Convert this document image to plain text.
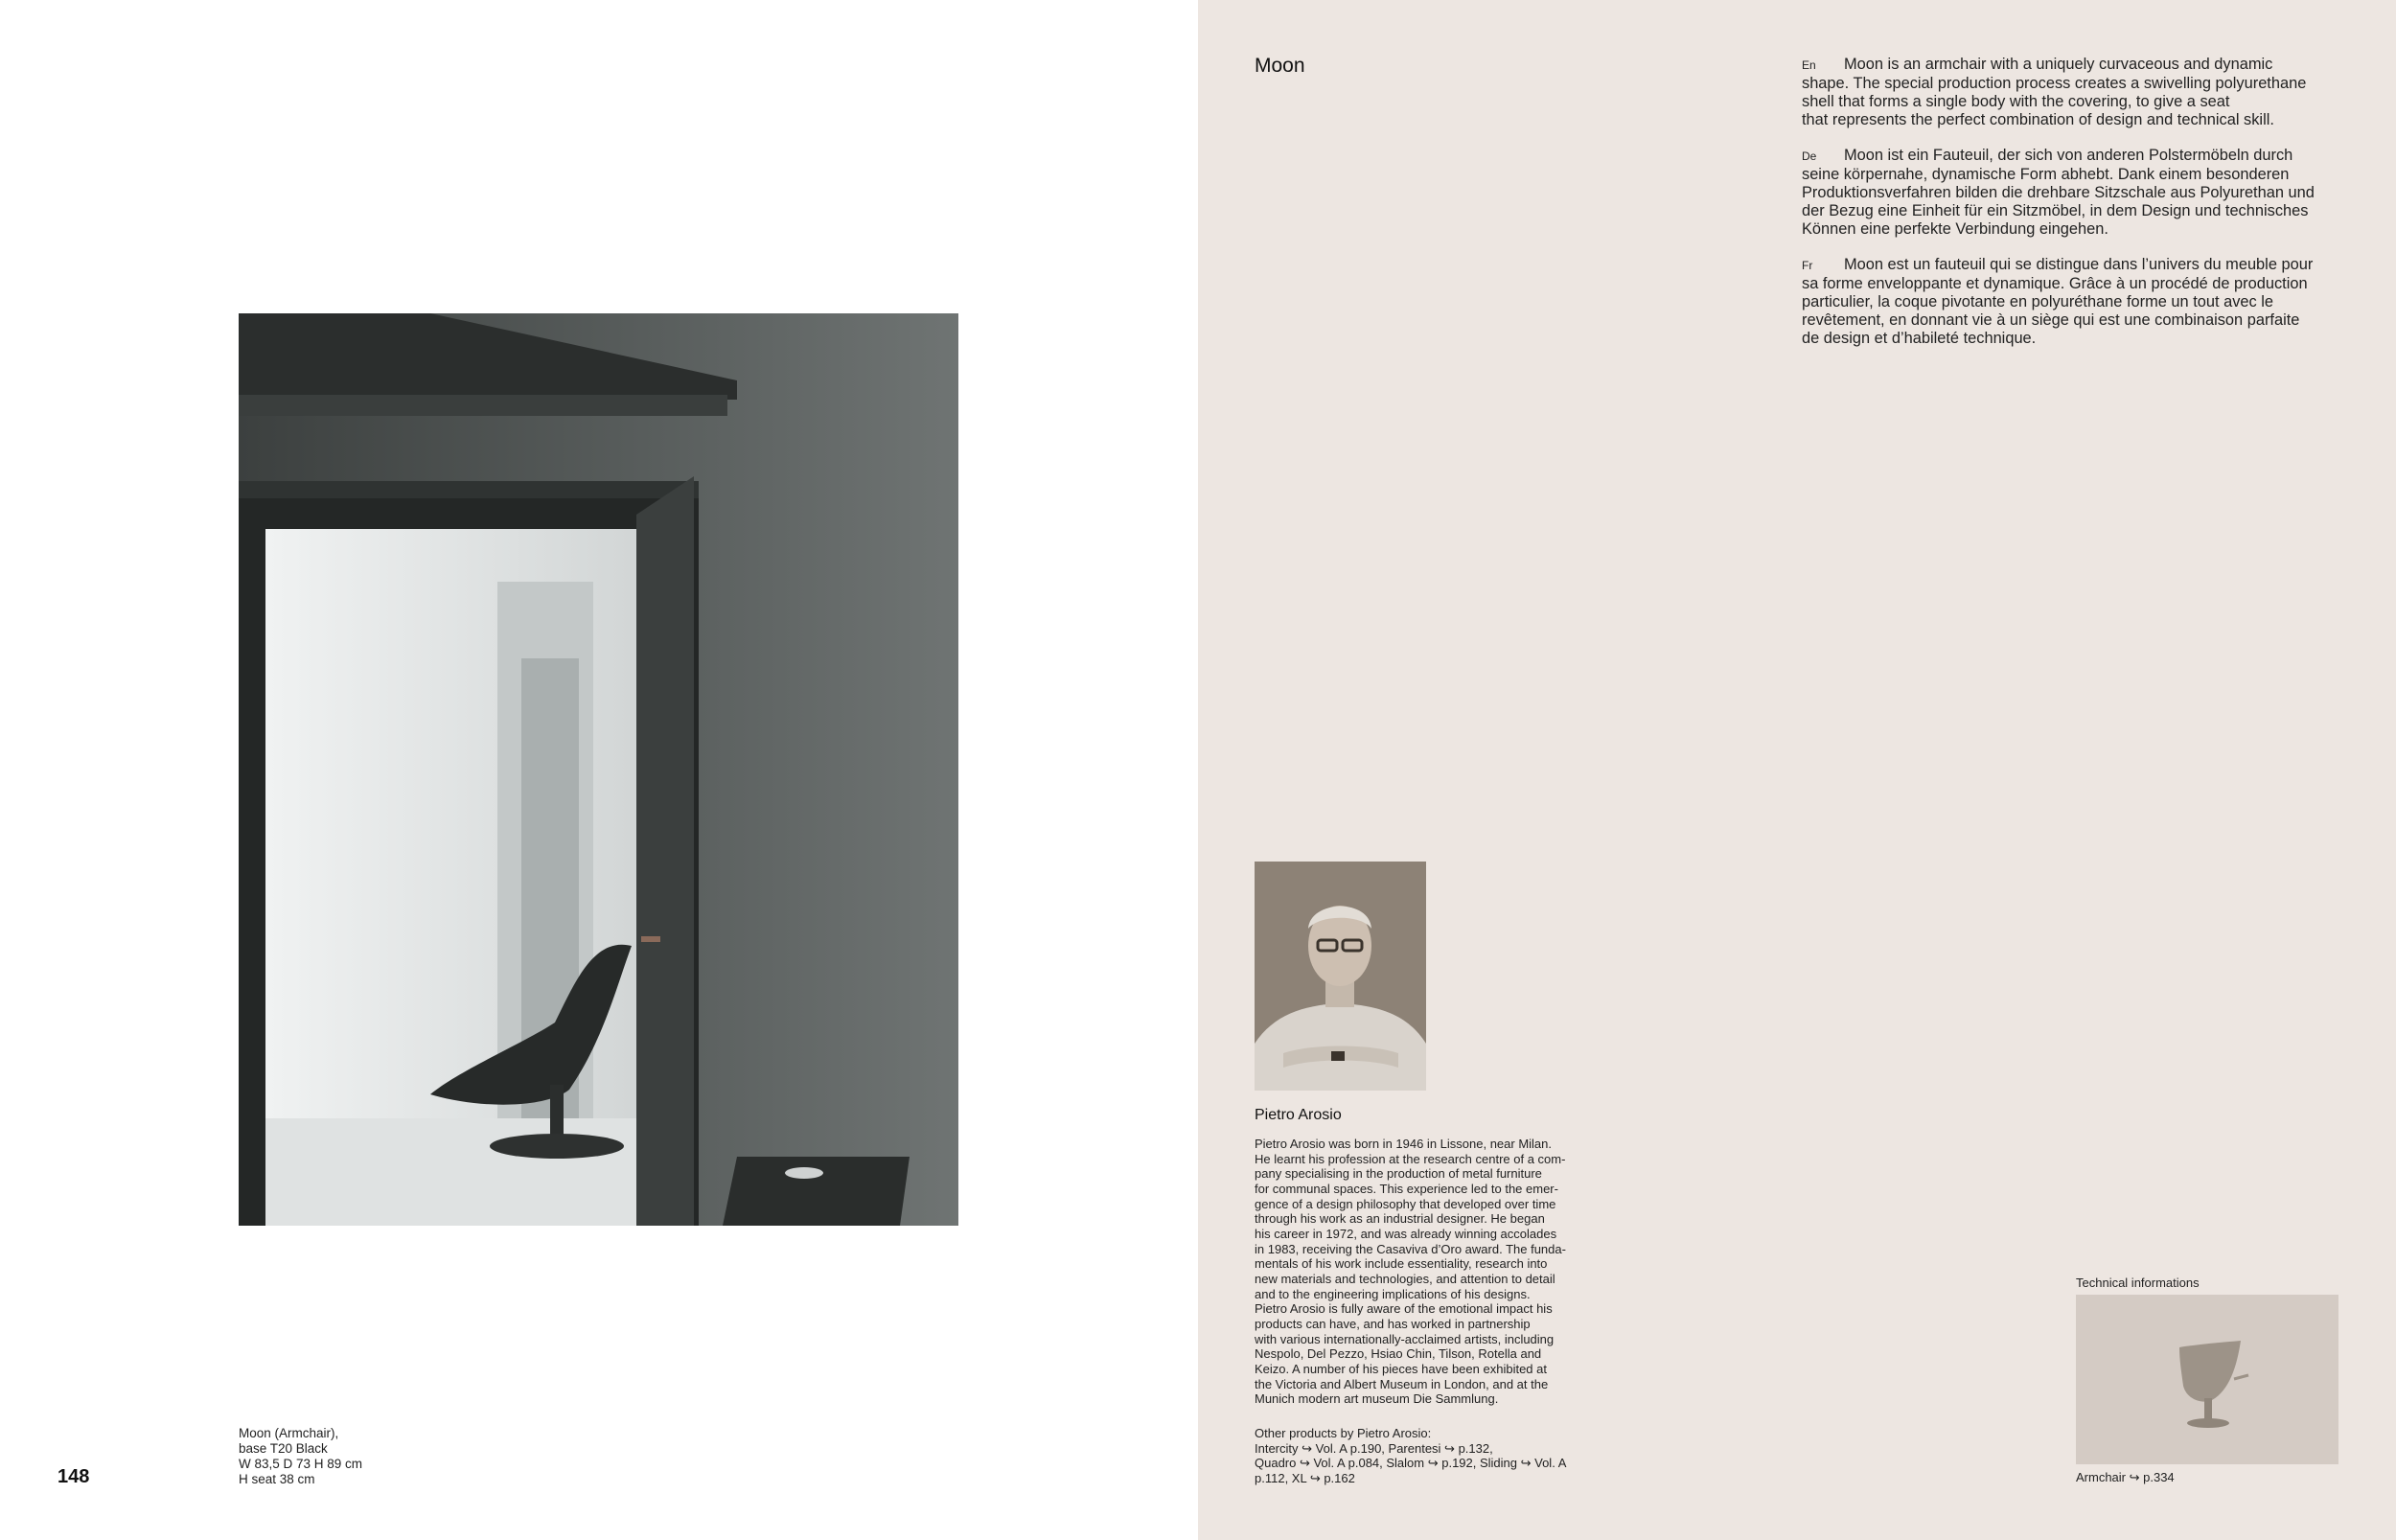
Moon (Armchair),
base T20 Black
W 83,5 D 73 H 89 cm
H seat 38 cm
148
Moon	En Moon is an armchair with a uniquely curvaceous and dynamic
shape. The special production process creates a swivelling polyurethane
shell that forms a single body with the covering, to give a seat
that represents the perfect combination of design and technical skill.
De Moon ist ein Fauteuil, der sich von anderen Polstermöbeln durch
seine körpernahe, dynamische Form abhebt. Dank einem besonderen
Produktionsverfahren bilden die drehbare Sitzschale aus Polyurethan und
der Bezug eine Einheit für ein Sitzmöbel, in dem Design und technisches
Können eine perfekte Verbindung eingehen.
Fr Moon est un fauteuil qui se distingue dans l’univers du meuble pour
sa forme enveloppante et dynamique. Grâce à un procédé de production
particulier, la coque pivotante en polyuréthane forme un tout avec le
revêtement, en donnant vie à un siège qui est une combinaison parfaite
de design et d’habileté technique.
Pietro Arosio
Pietro Arosio was born in 1946 in Lissone, near Milan.
He learnt his profession at the research centre of a com-
pany specialising in the production of metal furniture
for communal spaces. This experience led to the emer-
gence of a design philosophy that developed over time
through his work as an industrial designer. He began
his career in 1972, and was already winning accolades
in 1983, receiving the Casaviva d’Oro award. The funda-
mentals of his work include essentiality, research into
new materials and technologies, and attention to detail
and to the engineering implications of his designs.
Pietro Arosio is fully aware of the emotional impact his
products can have, and has worked in partnership
with various internationally-acclaimed artists, including
Nespolo, Del Pezzo, Hsiao Chin, Tilson, Rotella and
Keizo. A number of his pieces have been exhibited at
the Victoria and Albert Museum in London, and at the
Munich modern art museum Die Sammlung.
Other products by Pietro Arosio:
Intercity ↪ Vol. A p.190, Parentesi ↪ p.132,
Quadro ↪ Vol. A p.084, Slalom ↪ p.192, Sliding ↪ Vol. A
p.112, XL ↪ p.162
Technical informations
Armchair ↪ p.334
